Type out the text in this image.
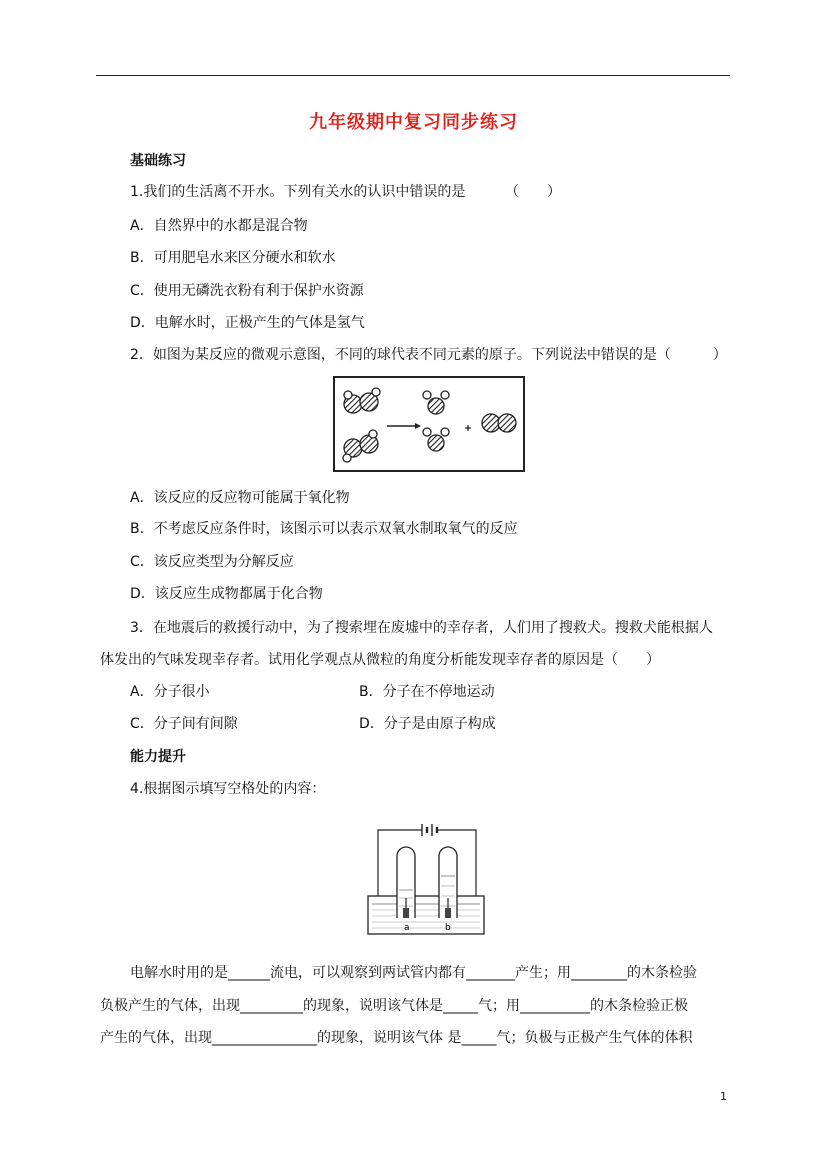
九年级期中复习同步练习
基础练习
1.我们的生活离不开水。下列有关水的认识中错误的是	（　　）
A．自然界中的水都是混合物
B．可用肥皂水来区分硬水和软水
C．使用无磷洗衣粉有利于保护水资源
D．电解水时，正极产生的气体是氢气
2．如图为某反应的微观示意图，不同的球代表不同元素的原子。下列说法中错误的是（　　　）
A．该反应的反应物可能属于氧化物
B．不考虑反应条件时，该图示可以表示双氧水制取氧气的反应
C．该反应类型为分解反应
D．该反应生成物都属于化合物
3．在地震后的救援行动中，为了搜索埋在废墟中的幸存者，人们用了搜救犬。搜救犬能根据人
体发出的气味发现幸存者。试用化学观点从微粒的角度分析能发现幸存者的原因是（　　）
A．分子很小	B．分子在不停地运动
C．分子间有间隙	D．分子是由原子构成
能力提升
4.根据图示填写空格处的内容：
a	b
电解水时用的是______流电，可以观察到两试管内都有_______产生；用________的木条检验
负极产生的气体，出现_________的现象，说明该气体是_____气；用__________的木条检验正极
产生的气体，出现_______________的现象，说明该气体 是_____气；负极与正极产生气体的体积
1
